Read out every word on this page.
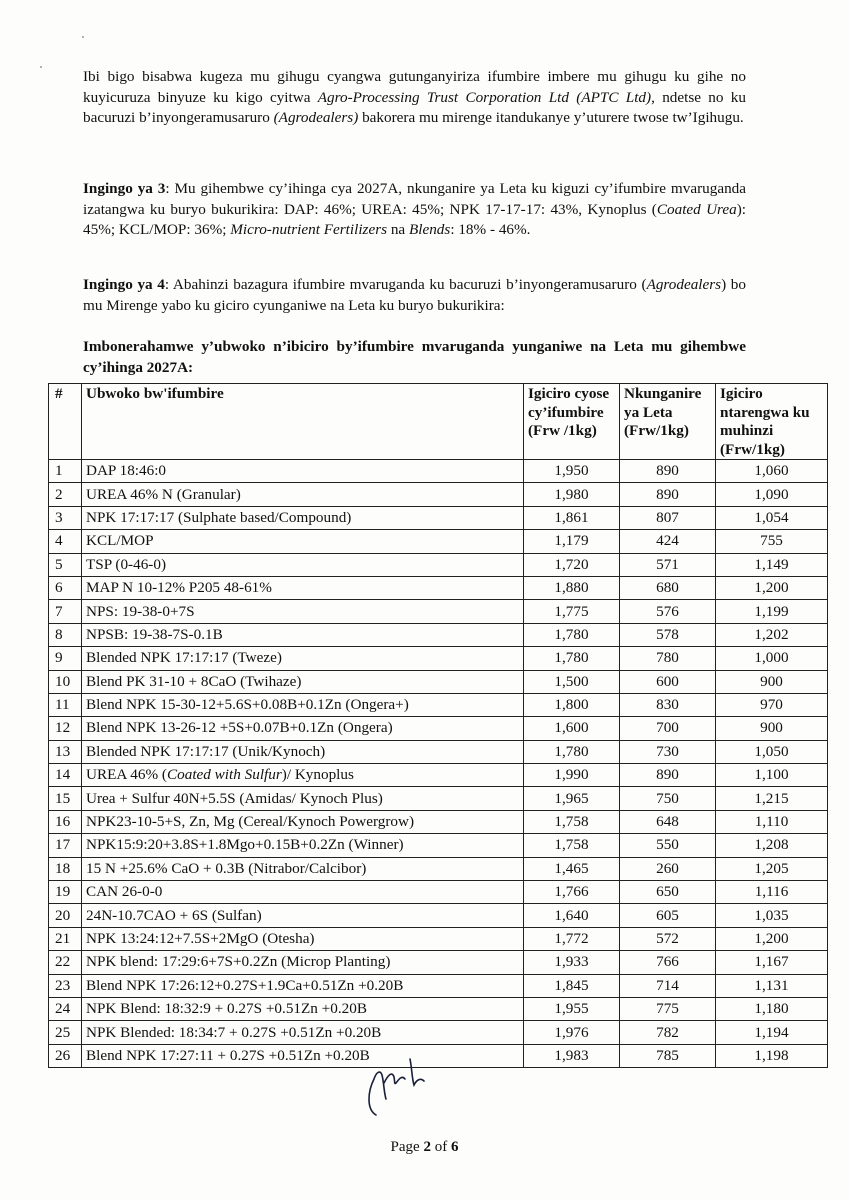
Ibi bigo bisabwa kugeza mu gihugu cyangwa gutunganyiriza ifumbire imbere mu gihugu ku gihe no kuyicuruza binyuze ku kigo cyitwa Agro-Processing Trust Corporation Ltd (APTC Ltd), ndetse no ku bacuruzi b’inyongeramusaruro (Agrodealers) bakorera mu mirenge itandukanye y’uturere twose tw’Igihugu.

Ingingo ya 3: Mu gihembwe cy’ihinga cya 2027A, nkunganire ya Leta ku kiguzi cy’ifumbire mvaruganda izatangwa ku buryo bukurikira: DAP: 46%; UREA: 45%; NPK 17-17-17: 43%, Kynoplus (Coated Urea): 45%; KCL/MOP: 36%; Micro-nutrient Fertilizers na Blends: 18% - 46%.

Ingingo ya 4: Abahinzi bazagura ifumbire mvaruganda ku bacuruzi b’inyongeramusaruro (Agrodealers) bo mu Mirenge yabo ku giciro cyunganiwe na Leta ku buryo bukurikira:

Imbonerahamwe y’ubwoko n’ibiciro by’ifumbire mvaruganda yunganiwe na Leta mu gihembwe cy’ihinga 2027A:

#	Ubwoko bw'ifumbire	Igiciro cyose cy’ifumbire (Frw /1kg)	Nkunganire ya Leta (Frw/1kg)	Igiciro ntarengwa ku muhinzi (Frw/1kg)
1	DAP 18:46:0	1,950	890	1,060
2	UREA 46% N (Granular)	1,980	890	1,090
3	NPK 17:17:17 (Sulphate based/Compound)	1,861	807	1,054
4	KCL/MOP	1,179	424	755
5	TSP (0-46-0)	1,720	571	1,149
6	MAP N 10-12% P205 48-61%	1,880	680	1,200
7	NPS: 19-38-0+7S	1,775	576	1,199
8	NPSB: 19-38-7S-0.1B	1,780	578	1,202
9	Blended NPK 17:17:17 (Tweze)	1,780	780	1,000
10	Blend PK 31-10 + 8CaO (Twihaze)	1,500	600	900
11	Blend NPK 15-30-12+5.6S+0.08B+0.1Zn (Ongera+)	1,800	830	970
12	Blend NPK 13-26-12 +5S+0.07B+0.1Zn (Ongera)	1,600	700	900
13	Blended NPK 17:17:17 (Unik/Kynoch)	1,780	730	1,050
14	UREA 46% (Coated with Sulfur)/ Kynoplus	1,990	890	1,100
15	Urea + Sulfur 40N+5.5S (Amidas/ Kynoch Plus)	1,965	750	1,215
16	NPK23-10-5+S, Zn, Mg (Cereal/Kynoch Powergrow)	1,758	648	1,110
17	NPK15:9:20+3.8S+1.8Mgo+0.15B+0.2Zn (Winner)	1,758	550	1,208
18	15 N +25.6% CaO + 0.3B (Nitrabor/Calcibor)	1,465	260	1,205
19	CAN 26-0-0	1,766	650	1,116
20	24N-10.7CAO + 6S (Sulfan)	1,640	605	1,035
21	NPK 13:24:12+7.5S+2MgO (Otesha)	1,772	572	1,200
22	NPK blend: 17:29:6+7S+0.2Zn (Microp Planting)	1,933	766	1,167
23	Blend NPK 17:26:12+0.27S+1.9Ca+0.51Zn +0.20B	1,845	714	1,131
24	NPK Blend: 18:32:9 + 0.27S +0.51Zn +0.20B	1,955	775	1,180
25	NPK Blended: 18:34:7 + 0.27S +0.51Zn +0.20B	1,976	782	1,194
26	Blend NPK 17:27:11 + 0.27S +0.51Zn +0.20B	1,983	785	1,198
Page 2 of 6
